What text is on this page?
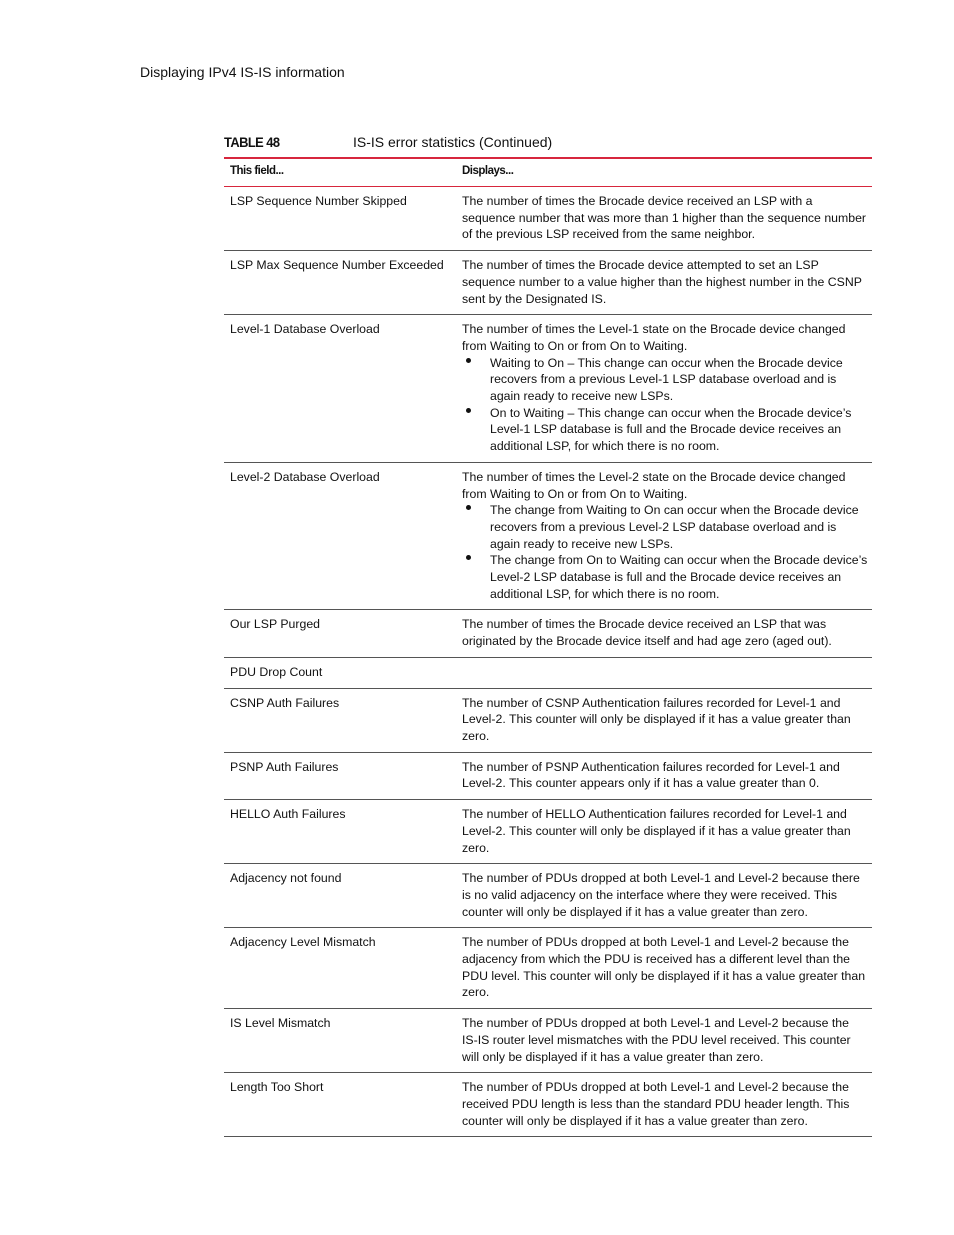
Displaying IPv4 IS-IS information
TABLE 48	IS-IS error statistics (Continued)
This field...	Displays...
LSP Sequence Number Skipped	The number of times the Brocade device received an LSP with a sequence number that was more than 1 higher than the sequence number of the previous LSP received from the same neighbor.

LSP Max Sequence Number Exceeded	The number of times the Brocade device attempted to set an LSP sequence number to a value higher than the highest number in the CSNP sent by the Designated IS.

Level-1 Database Overload	The number of times the Level-1 state on the Brocade device changed from Waiting to On or from On to Waiting.

Waiting to On – This change can occur when the Brocade device recovers from a previous Level-1 LSP database overload and is again ready to receive new LSPs.
On to Waiting – This change can occur when the Brocade device’s Level-1 LSP database is full and the Brocade device receives an additional LSP, for which there is no room.
Level-2 Database Overload	The number of times the Level-2 state on the Brocade device changed from Waiting to On or from On to Waiting.

The change from Waiting to On can occur when the Brocade device recovers from a previous Level-2 LSP database overload and is again ready to receive new LSPs.
The change from On to Waiting can occur when the Brocade device’s Level-2 LSP database is full and the Brocade device receives an additional LSP, for which there is no room.
Our LSP Purged	The number of times the Brocade device received an LSP that was originated by the Brocade device itself and had age zero (aged out).

PDU Drop Count

CSNP Auth Failures	The number of CSNP Authentication failures recorded for Level-1 and Level-2. This counter will only be displayed if it has a value greater than zero.

PSNP Auth Failures	The number of PSNP Authentication failures recorded for Level-1 and Level-2. This counter appears only if it has a value greater than 0.

HELLO Auth Failures	The number of HELLO Authentication failures recorded for Level-1 and Level-2. This counter will only be displayed if it has a value greater than zero.

Adjacency not found	The number of PDUs dropped at both Level-1 and Level-2 because there is no valid adjacency on the interface where they were received. This counter will only be displayed if it has a value greater than zero.

Adjacency Level Mismatch	The number of PDUs dropped at both Level-1 and Level-2 because the adjacency from which the PDU is received has a different level than the PDU level. This counter will only be displayed if it has a value greater than zero.

IS Level Mismatch	The number of PDUs dropped at both Level-1 and Level-2 because the IS-IS router level mismatches with the PDU level received. This counter will only be displayed if it has a value greater than zero.

Length Too Short	The number of PDUs dropped at both Level-1 and Level-2 because the received PDU length is less than the standard PDU header length. This counter will only be displayed if it has a value greater than zero.
